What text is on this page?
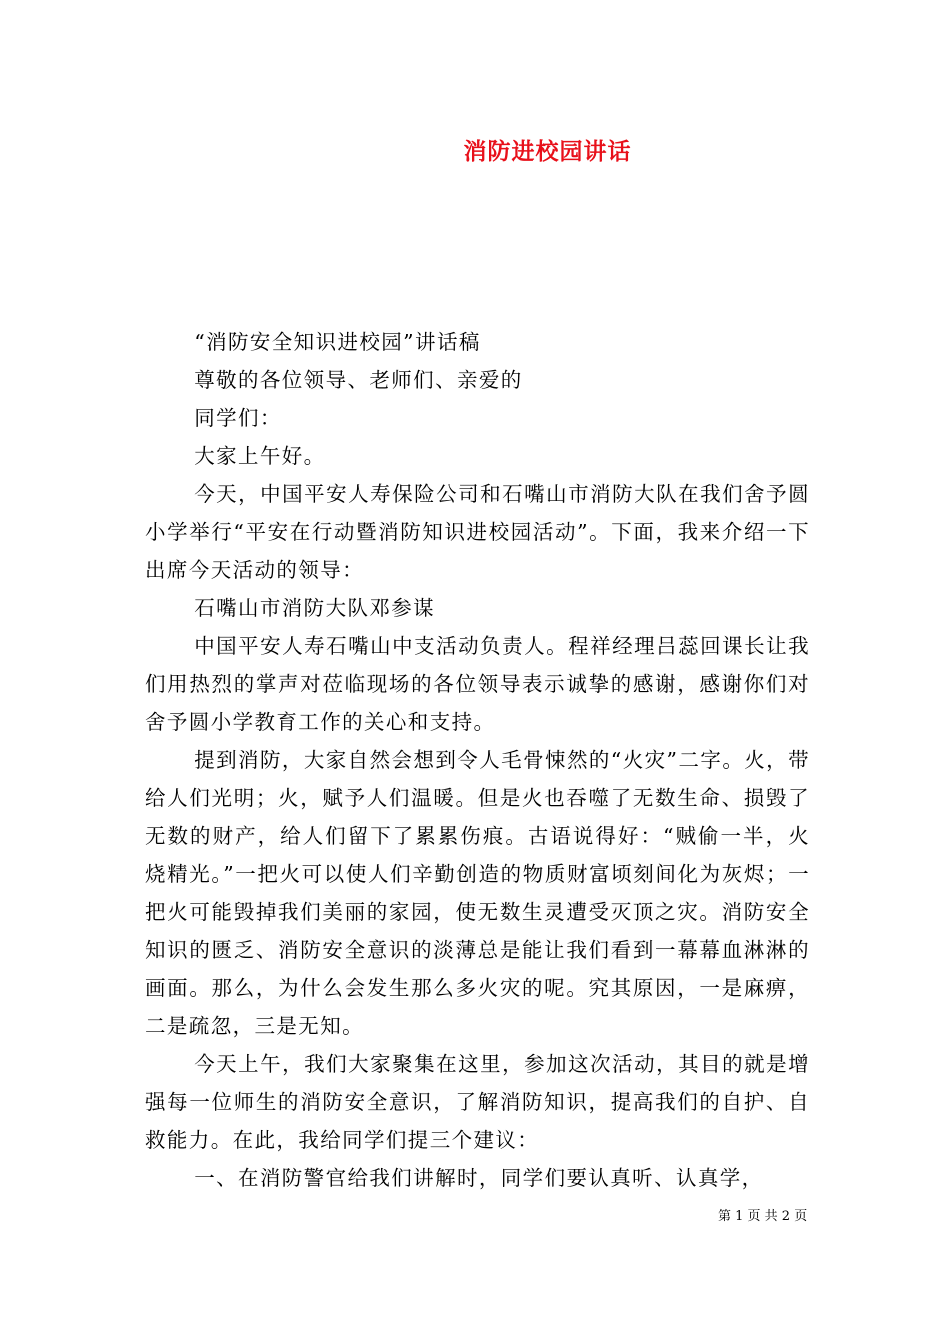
消防进校园讲话

“消防安全知识进校园”讲话稿

尊敬的各位领导、老师们、亲爱的

同学们：

大家上午好。

今天，中国平安人寿保险公司和石嘴山市消防大队在我们舍予圆小学举行“平安在行动暨消防知识进校园活动”。下面，我来介绍一下出席今天活动的领导：

石嘴山市消防大队邓参谋

中国平安人寿石嘴山中支活动负责人。程祥经理吕蕊回课长让我们用热烈的掌声对莅临现场的各位领导表示诚挚的感谢，感谢你们对舍予圆小学教育工作的关心和支持。

提到消防，大家自然会想到令人毛骨悚然的“火灾”二字。火，带给人们光明；火，赋予人们温暖。但是火也吞噬了无数生命、损毁了无数的财产，给人们留下了累累伤痕。古语说得好：“贼偷一半，火烧精光。”一把火可以使人们辛勤创造的物质财富顷刻间化为灰烬；一把火可能毁掉我们美丽的家园，使无数生灵遭受灭顶之灾。消防安全知识的匮乏、消防安全意识的淡薄总是能让我们看到一幕幕血淋淋的画面。那么，为什么会发生那么多火灾的呢。究其原因，一是麻痹，二是疏忽，三是无知。

今天上午，我们大家聚集在这里，参加这次活动，其目的就是增强每一位师生的消防安全意识，了解消防知识，提高我们的自护、自救能力。在此，我给同学们提三个建议：

一、在消防警官给我们讲解时，同学们要认真听、认真学，

第 1 页 共 2 页
